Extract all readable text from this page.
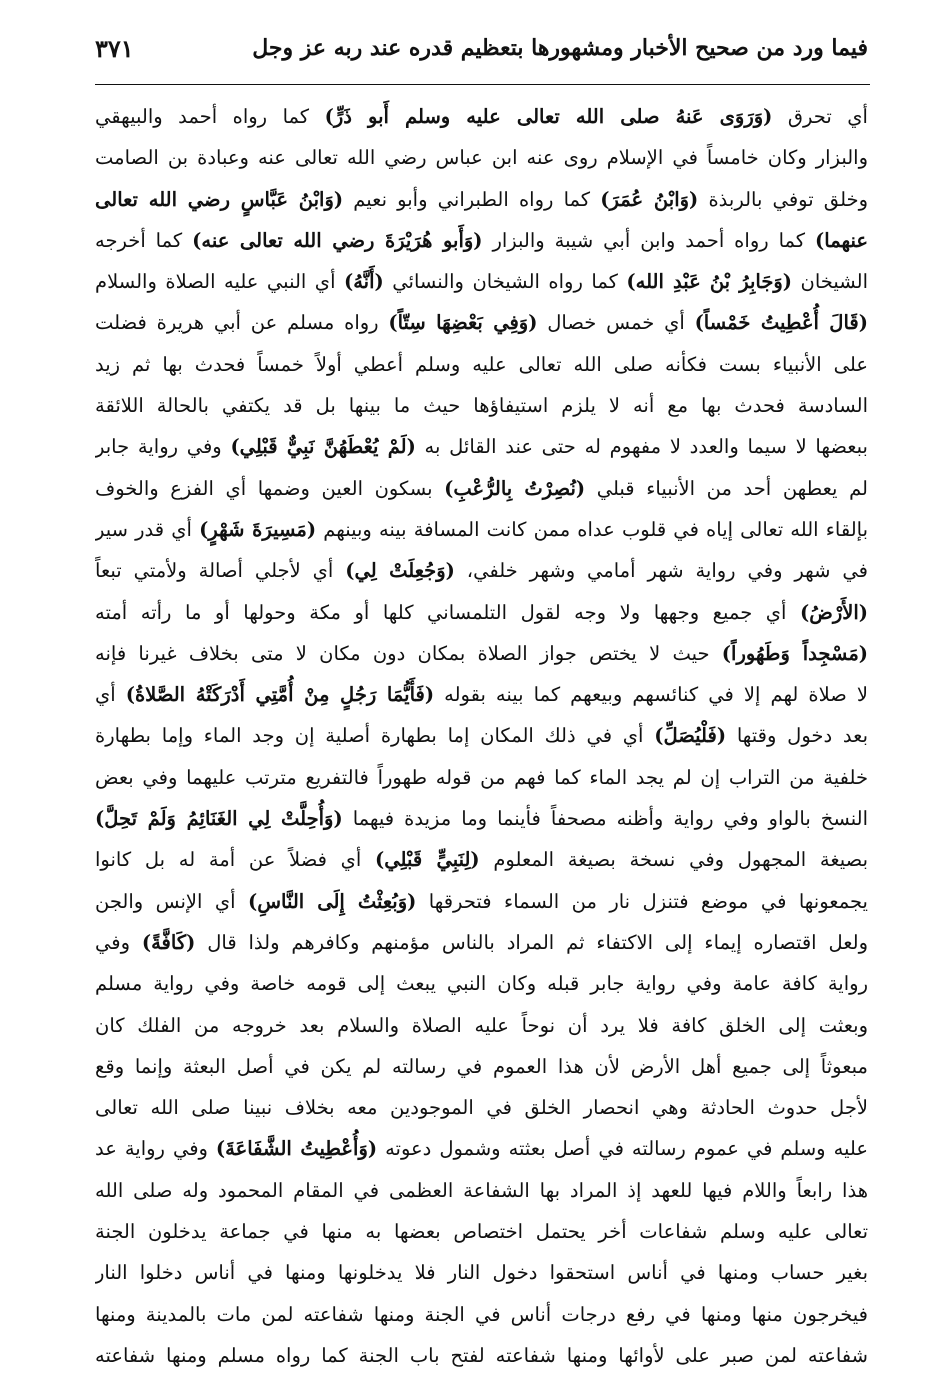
فيما ورد من صحيح الأخبار ومشهورها بتعظيم قدره عند ربه عز وجل
٣٧١
أي تحرق (وَرَوَى عَنهُ صلى الله تعالى عليه وسلم أَبو ذَرٍّ) كما رواه أحمد والبيهقي
والبزار وكان خامساً في الإسلام روى عنه ابن عباس رضي الله تعالى عنه وعبادة بن الصامت
وخلق توفي بالربذة (وَابْنُ عُمَرَ) كما رواه الطبراني وأبو نعيم (وَابْنُ عَبَّاسٍ رضي الله تعالى
عنهما) كما رواه أحمد وابن أبي شيبة والبزار (وَأَبو هُرَيْرَةَ رضي الله تعالى عنه) كما أخرجه
الشيخان (وَجَابِرُ بْنُ عَبْدِ الله) كما رواه الشيخان والنسائي (أَنَّهُ) أي النبي عليه الصلاة والسلام
(قَالَ أُعْطِيتُ خَمْساً) أي خمس خصال (وَفِي بَعْضِهَا سِتّاً) رواه مسلم عن أبي هريرة فضلت
على الأنبياء بست فكأنه صلى الله تعالى عليه وسلم أعطي أولاً خمساً فحدث بها ثم زيد
السادسة فحدث بها مع أنه لا يلزم استيفاؤها حيث ما بينها بل قد يكتفي بالحالة اللائقة
ببعضها لا سيما والعدد لا مفهوم له حتى عند القائل به (لَمْ يُعْطَهُنَّ نَبِيٌّ قَبْلِي) وفي رواية جابر
لم يعطهن أحد من الأنبياء قبلي (نُصِرْتُ بِالرُّعْبِ) بسكون العين وضمها أي الفزع والخوف
بإلقاء الله تعالى إياه في قلوب عداه ممن كانت المسافة بينه وبينهم (مَسِيرَةَ شَهْرٍ) أي قدر سير
في شهر وفي رواية شهر أمامي وشهر خلفي، (وَجُعِلَتْ لِي) أي لأجلي أصالة ولأمتي تبعاً
(الأَرْضُ) أي جميع وجهها ولا وجه لقول التلمساني كلها أو مكة وحولها أو ما رأته أمته
(مَسْجِداً وَطَهُوراً) حيث لا يختص جواز الصلاة بمكان دون مكان لا متى بخلاف غيرنا فإنه
لا صلاة لهم إلا في كنائسهم وبيعهم كما بينه بقوله (فَأَيُّمَا رَجُلٍ مِنْ أُمَّتِي أَدْرَكَتْهُ الصَّلاةُ) أي
بعد دخول وقتها (فَلْيُصَلِّ) أي في ذلك المكان إما بطهارة أصلية إن وجد الماء وإما بطهارة
خلفية من التراب إن لم يجد الماء كما فهم من قوله طهوراً فالتفريع مترتب عليهما وفي بعض
النسخ بالواو وفي رواية وأظنه مصحفاً فأينما وما مزيدة فيهما (وَأُحِلَّتْ لِي الغَنَائِمُ وَلَمْ تَحِلَّ)
بصيغة المجهول وفي نسخة بصيغة المعلوم (لِنَبِيٍّ قَبْلِي) أي فضلاً عن أمة له بل كانوا
يجمعونها في موضع فتنزل نار من السماء فتحرقها (وَبُعِثْتُ إِلَى النَّاسِ) أي الإنس والجن
ولعل اقتصاره إيماء إلى الاكتفاء ثم المراد بالناس مؤمنهم وكافرهم ولذا قال (كَافَّةً) وفي
رواية كافة عامة وفي رواية جابر قبله وكان النبي يبعث إلى قومه خاصة وفي رواية مسلم
وبعثت إلى الخلق كافة فلا يرد أن نوحاً عليه الصلاة والسلام بعد خروجه من الفلك كان
مبعوثاً إلى جميع أهل الأرض لأن هذا العموم في رسالته لم يكن في أصل البعثة وإنما وقع
لأجل حدوث الحادثة وهي انحصار الخلق في الموجودين معه بخلاف نبينا صلى الله تعالى
عليه وسلم في عموم رسالته في أصل بعثته وشمول دعوته (وَأُعْطِيتُ الشَّفَاعَةَ) وفي رواية عد
هذا رابعاً واللام فيها للعهد إذ المراد بها الشفاعة العظمى في المقام المحمود وله صلى الله
تعالى عليه وسلم شفاعات أخر يحتمل اختصاص بعضها به منها في جماعة يدخلون الجنة
بغير حساب ومنها في أناس استحقوا دخول النار فلا يدخلونها ومنها في أناس دخلوا النار
فيخرجون منها ومنها في رفع درجات أناس في الجنة ومنها شفاعته لمن مات بالمدينة ومنها
شفاعته لمن صبر على لأوائها ومنها شفاعته لفتح باب الجنة كما رواه مسلم ومنها شفاعته
